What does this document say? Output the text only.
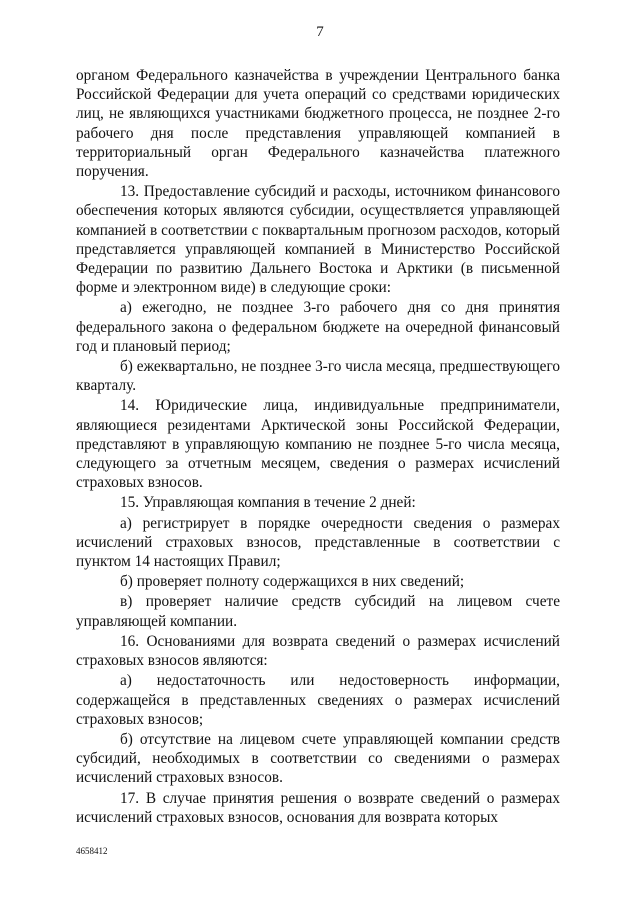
7

органом Федерального казначейства в учреждении Центрального банка Российской Федерации для учета операций со средствами юридических лиц, не являющихся участниками бюджетного процесса, не позднее 2-го рабочего дня после представления управляющей компанией в территориальный орган Федерального казначейства платежного поручения.

13. Предоставление субсидий и расходы, источником финансового обеспечения которых являются субсидии, осуществляется управляющей компанией в соответствии с поквартальным прогнозом расходов, который представляется управляющей компанией в Министерство Российской Федерации по развитию Дальнего Востока и Арктики (в письменной форме и электронном виде) в следующие сроки:

а) ежегодно, не позднее 3-го рабочего дня со дня принятия федерального закона о федеральном бюджете на очередной финансовый год и плановый период;

б) ежеквартально, не позднее 3-го числа месяца, предшествующего кварталу.

14. Юридические лица, индивидуальные предприниматели, являющиеся резидентами Арктической зоны Российской Федерации, представляют в управляющую компанию не позднее 5-го числа месяца, следующего за отчетным месяцем, сведения о размерах исчислений страховых взносов.

15. Управляющая компания в течение 2 дней:

а) регистрирует в порядке очередности сведения о размерах исчислений страховых взносов, представленные в соответствии с пунктом 14 настоящих Правил;

б) проверяет полноту содержащихся в них сведений;

в) проверяет наличие средств субсидий на лицевом счете управляющей компании.

16. Основаниями для возврата сведений о размерах исчислений страховых взносов являются:

а) недостаточность или недостоверность информации, содержащейся в представленных сведениях о размерах исчислений страховых взносов;

б) отсутствие на лицевом счете управляющей компании средств субсидий, необходимых в соответствии со сведениями о размерах исчислений страховых взносов.

17. В случае принятия решения о возврате сведений о размерах исчислений страховых взносов, основания для возврата которых

4658412
